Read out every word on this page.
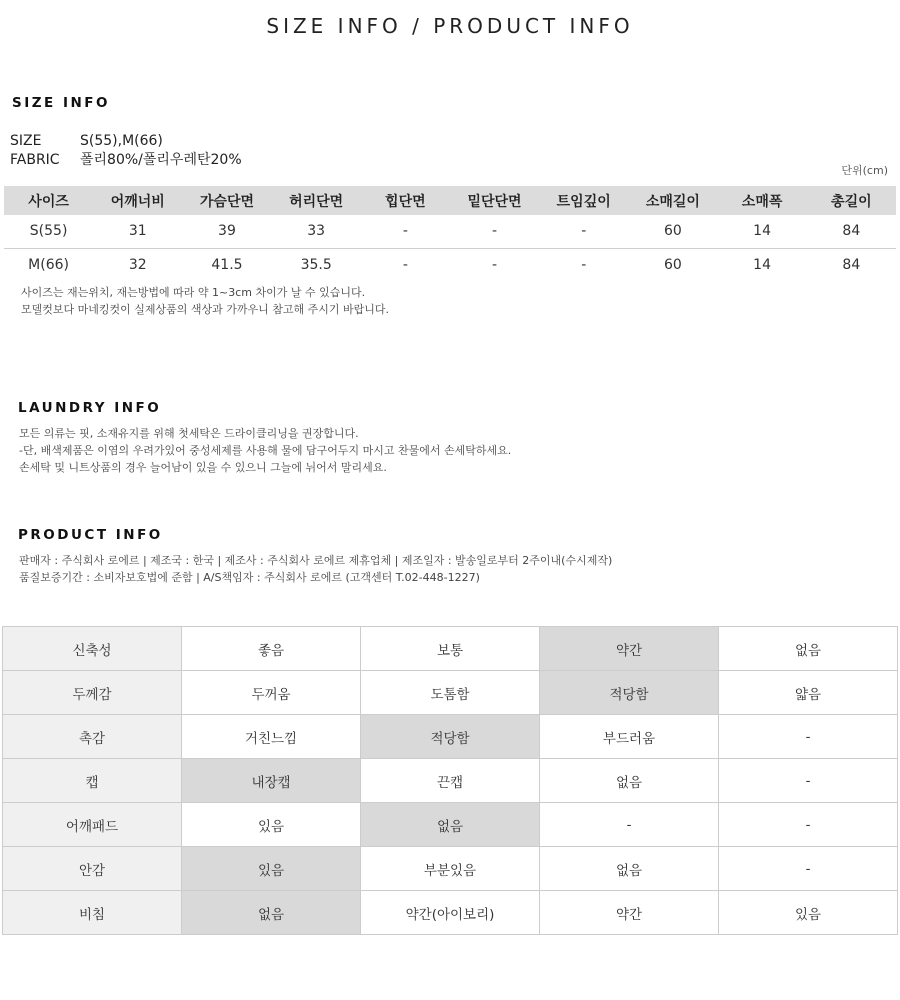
SIZE INFO / PRODUCT INFO
SIZE INFO
SIZE	S(55),M(66)
FABRIC 폴리80%/폴리우레탄20%
단위(cm)
사이즈	어깨너비	가슴단면	허리단면	힙단면	밑단단면	트임깊이	소매길이	소매폭	총길이
S(55)	31	39	33	-	-	-	60	14	84
M(66)	32	41.5	35.5	-	-	-	60	14	84
사이즈는 재는위치, 재는방법에 따라 약 1~3cm 차이가 날 수 있습니다.
모델컷보다 마네킹컷이 실제상품의 색상과 가까우니 참고해 주시기 바랍니다.
LAUNDRY INFO
모든 의류는 핏, 소재유지를 위해 첫세탁은 드라이클리닝을 권장합니다.
-단, 배색제품은 이염의 우려가있어 중성세제를 사용해 물에 담구어두지 마시고 찬물에서 손세탁하세요.
손세탁 및 니트상품의 경우 늘어남이 있을 수 있으니 그늘에 뉘어서 말리세요.
PRODUCT INFO
판매자 : 주식회사 로에르 | 제조국 : 한국 | 제조사 : 주식회사 로에르 제휴업체 | 제조일자 : 발송일로부터 2주이내(수시제작)
품질보증기간 : 소비자보호법에 준함 | A/S책임자 : 주식회사 로에르 (고객센터 T.02-448-1227)
신축성	좋음	보통	약간	없음
두께감	두꺼움	도톰함	적당함	얇음
촉감	거친느낌	적당함	부드러움	-
캡	내장캡	끈캡	없음	-
어깨패드	있음	없음	-	-
안감	있음	부분있음	없음	-
비침	없음	약간(아이보리)	약간	있음
